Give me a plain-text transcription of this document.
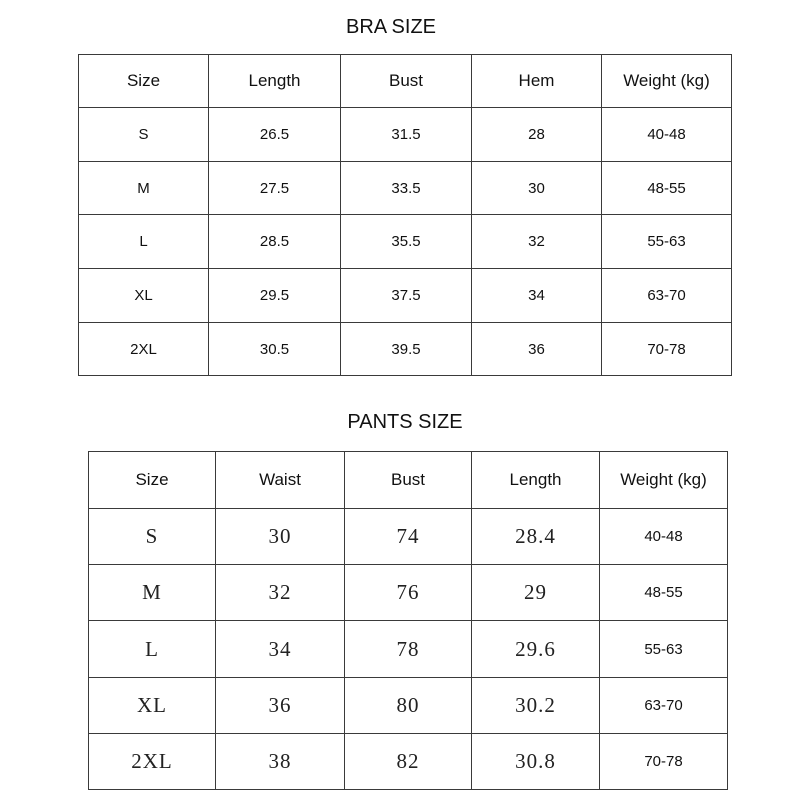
BRA SIZE
Size	Length	Bust	Hem	Weight (kg)
S	26.5	31.5	28	40-48
M	27.5	33.5	30	48-55
L	28.5	35.5	32	55-63
XL	29.5	37.5	34	63-70
2XL	30.5	39.5	36	70-78
PANTS SIZE
Size	Waist	Bust	Length	Weight (kg)
S	30	74	28.4	40-48
M	32	76	29	48-55
L	34	78	29.6	55-63
XL	36	80	30.2	63-70
2XL	38	82	30.8	70-78
